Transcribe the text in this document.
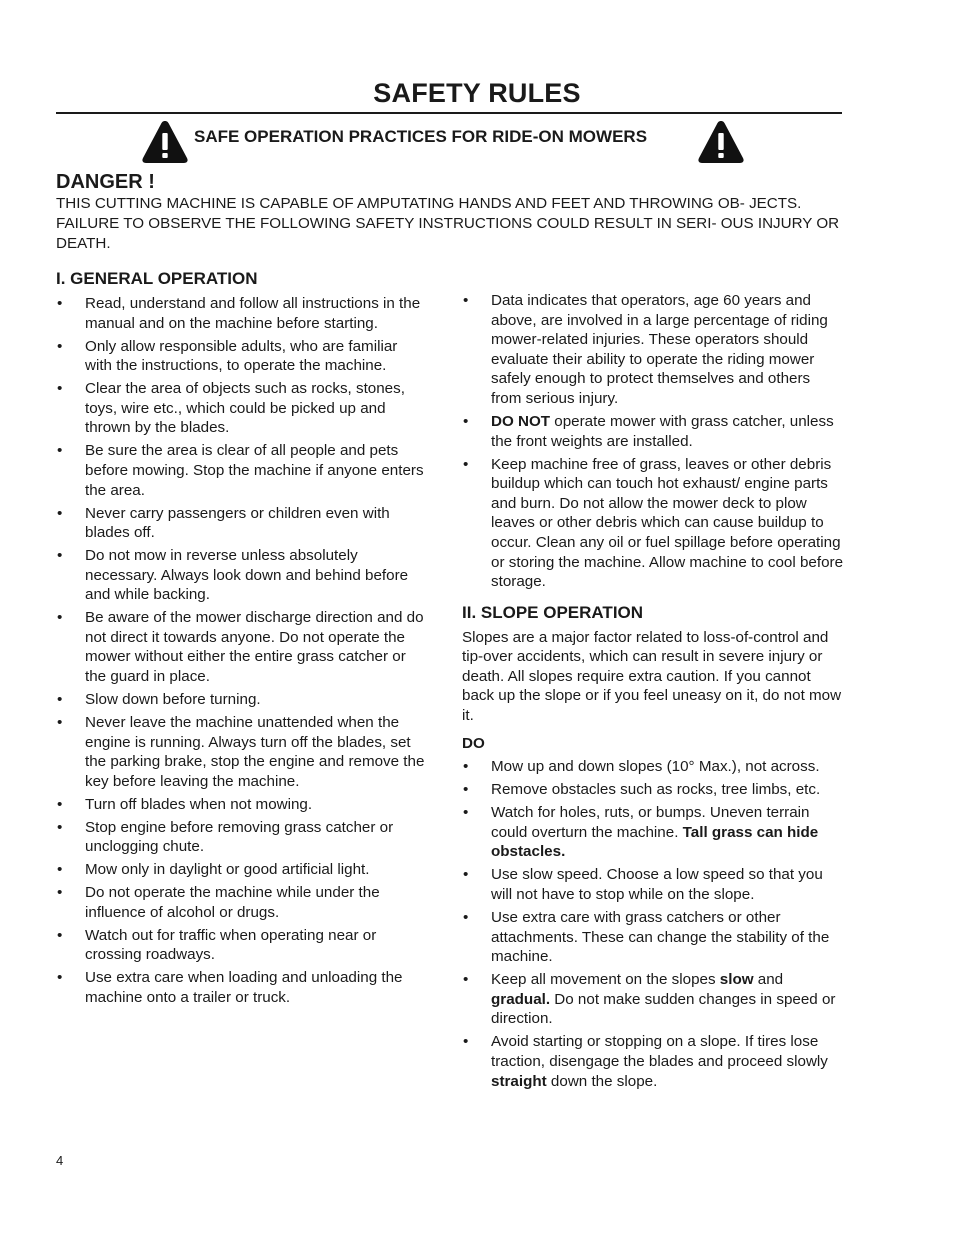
SAFETY RULES
SAFE OPERATION PRACTICES FOR RIDE-ON MOWERS
DANGER !

THIS CUTTING MACHINE IS CAPABLE OF AMPUTATING HANDS AND FEET AND THROWING OB- JECTS. FAILURE TO OBSERVE THE FOLLOWING SAFETY INSTRUCTIONS COULD RESULT IN SERI- OUS INJURY OR DEATH.

I. GENERAL OPERATION
• Read, understand and follow all instructions in the manual and on the machine before starting.
• Only allow responsible adults, who are familiar with the instructions, to operate the machine.
• Clear the area of objects such as rocks, stones, toys, wire etc., which could be picked up and thrown by the blades.
• Be sure the area is clear of all people and pets before mowing. Stop the machine if anyone enters the area.
• Never carry passengers or children even with blades off.
• Do not mow in reverse unless absolutely necessary. Always look down and behind before and while backing.
• Be aware of the mower discharge direction and do not direct it towards anyone. Do not operate the mower without either the entire grass catcher or the guard in place.
• Slow down before turning.
• Never leave the machine unattended when the engine is running. Always turn off the blades, set the parking brake, stop the engine and remove the key before leaving the machine.
• Turn off blades when not mowing.
• Stop engine before removing grass catcher or unclogging chute.
• Mow only in daylight or good artificial light.
• Do not operate the machine while under the influence of alcohol or drugs.
• Watch out for traffic when operating near or crossing roadways.
• Use extra care when loading and unloading the machine onto a trailer or truck.
• Data indicates that operators, age 60 years and above, are involved in a large percentage of riding mower-related injuries. These operators should evaluate their ability to operate the riding mower safely enough to protect themselves and others from serious injury.
• DO NOT operate mower with grass catcher, unless the front weights are installed.
• Keep machine free of grass, leaves or other debris buildup which can touch hot exhaust/ engine parts and burn. Do not allow the mower deck to plow leaves or other debris which can cause buildup to occur. Clean any oil or fuel spillage before operating or storing the machine. Allow machine to cool before storage.
II. SLOPE OPERATION

Slopes are a major factor related to loss-of-control and tip-over accidents, which can result in severe injury or death. All slopes require extra caution. If you cannot back up the slope or if you feel uneasy on it, do not mow it.

DO

• Mow up and down slopes (10° Max.), not across.
• Remove obstacles such as rocks, tree limbs, etc.
• Watch for holes, ruts, or bumps. Uneven terrain could overturn the machine. Tall grass can hide obstacles.
• Use slow speed. Choose a low speed so that you will not have to stop while on the slope.
• Use extra care with grass catchers or other attachments. These can change the stability of the machine.
• Keep all movement on the slopes slow and gradual. Do not make sudden changes in speed or direction.
• Avoid starting or stopping on a slope. If tires lose traction, disengage the blades and proceed slowly straight down the slope.
4
